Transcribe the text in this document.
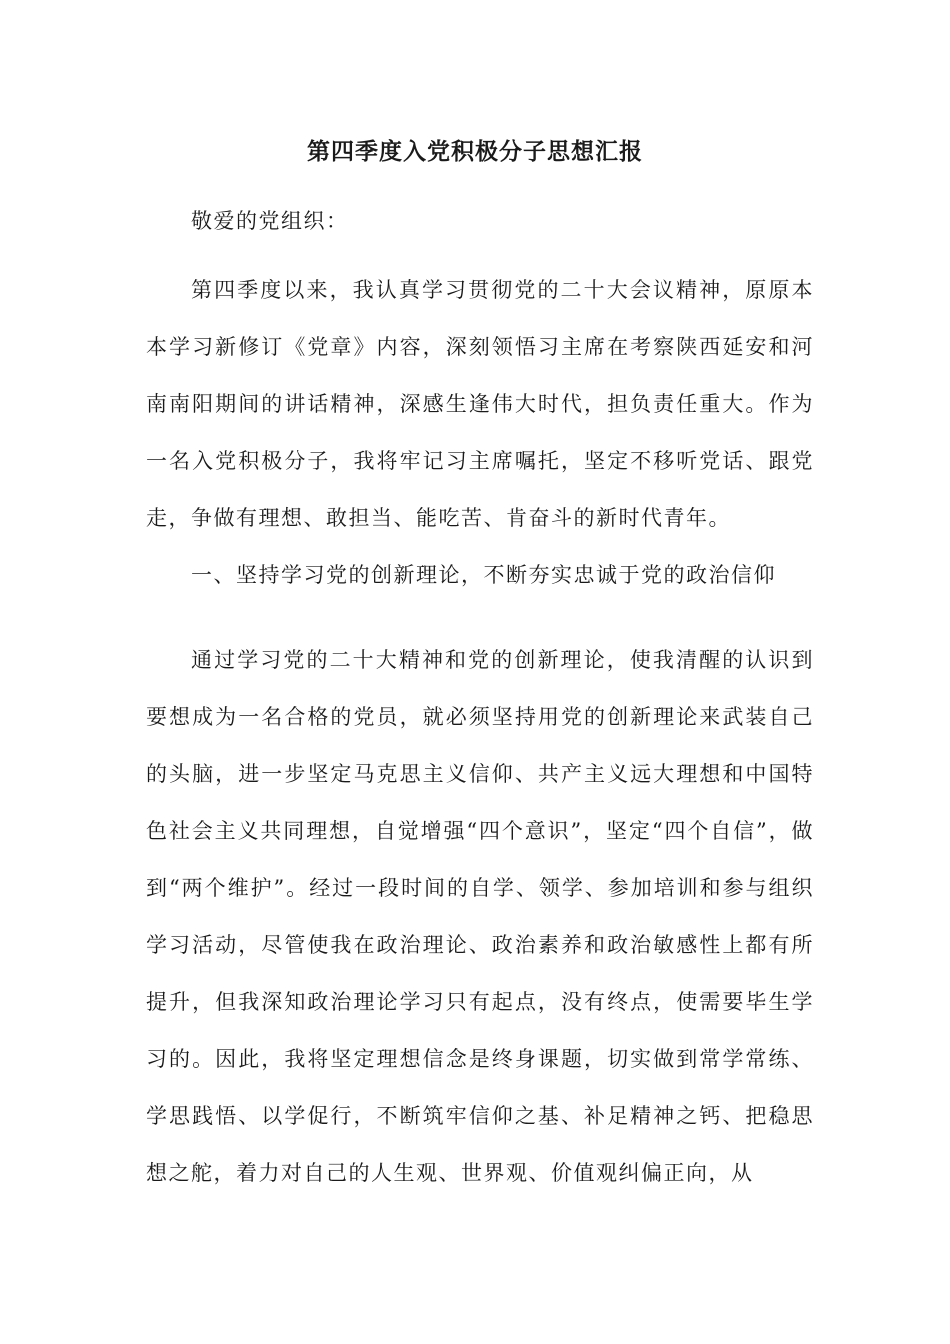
第四季度入党积极分子思想汇报

敬爱的党组织：

第四季度以来，我认真学习贯彻党的二十大会议精神，原原本本学习新修订《党章》内容，深刻领悟习主席在考察陕西延安和河南南阳期间的讲话精神，深感生逢伟大时代，担负责任重大。作为一名入党积极分子，我将牢记习主席嘱托，坚定不移听党话、跟党走，争做有理想、敢担当、能吃苦、肯奋斗的新时代青年。

一、坚持学习党的创新理论，不断夯实忠诚于党的政治信仰

通过学习党的二十大精神和党的创新理论，使我清醒的认识到要想成为一名合格的党员，就必须坚持用党的创新理论来武装自己的头脑，进一步坚定马克思主义信仰、共产主义远大理想和中国特色社会主义共同理想，自觉增强“四个意识”，坚定“四个自信”，做到“两个维护”。经过一段时间的自学、领学、参加培训和参与组织学习活动，尽管使我在政治理论、政治素养和政治敏感性上都有所提升，但我深知政治理论学习只有起点，没有终点，使需要毕生学习的。因此，我将坚定理想信念是终身课题，切实做到常学常练、学思践悟、以学促行，不断筑牢信仰之基、补足精神之钙、把稳思想之舵，着力对自己的人生观、世界观、价值观纠偏正向，从
